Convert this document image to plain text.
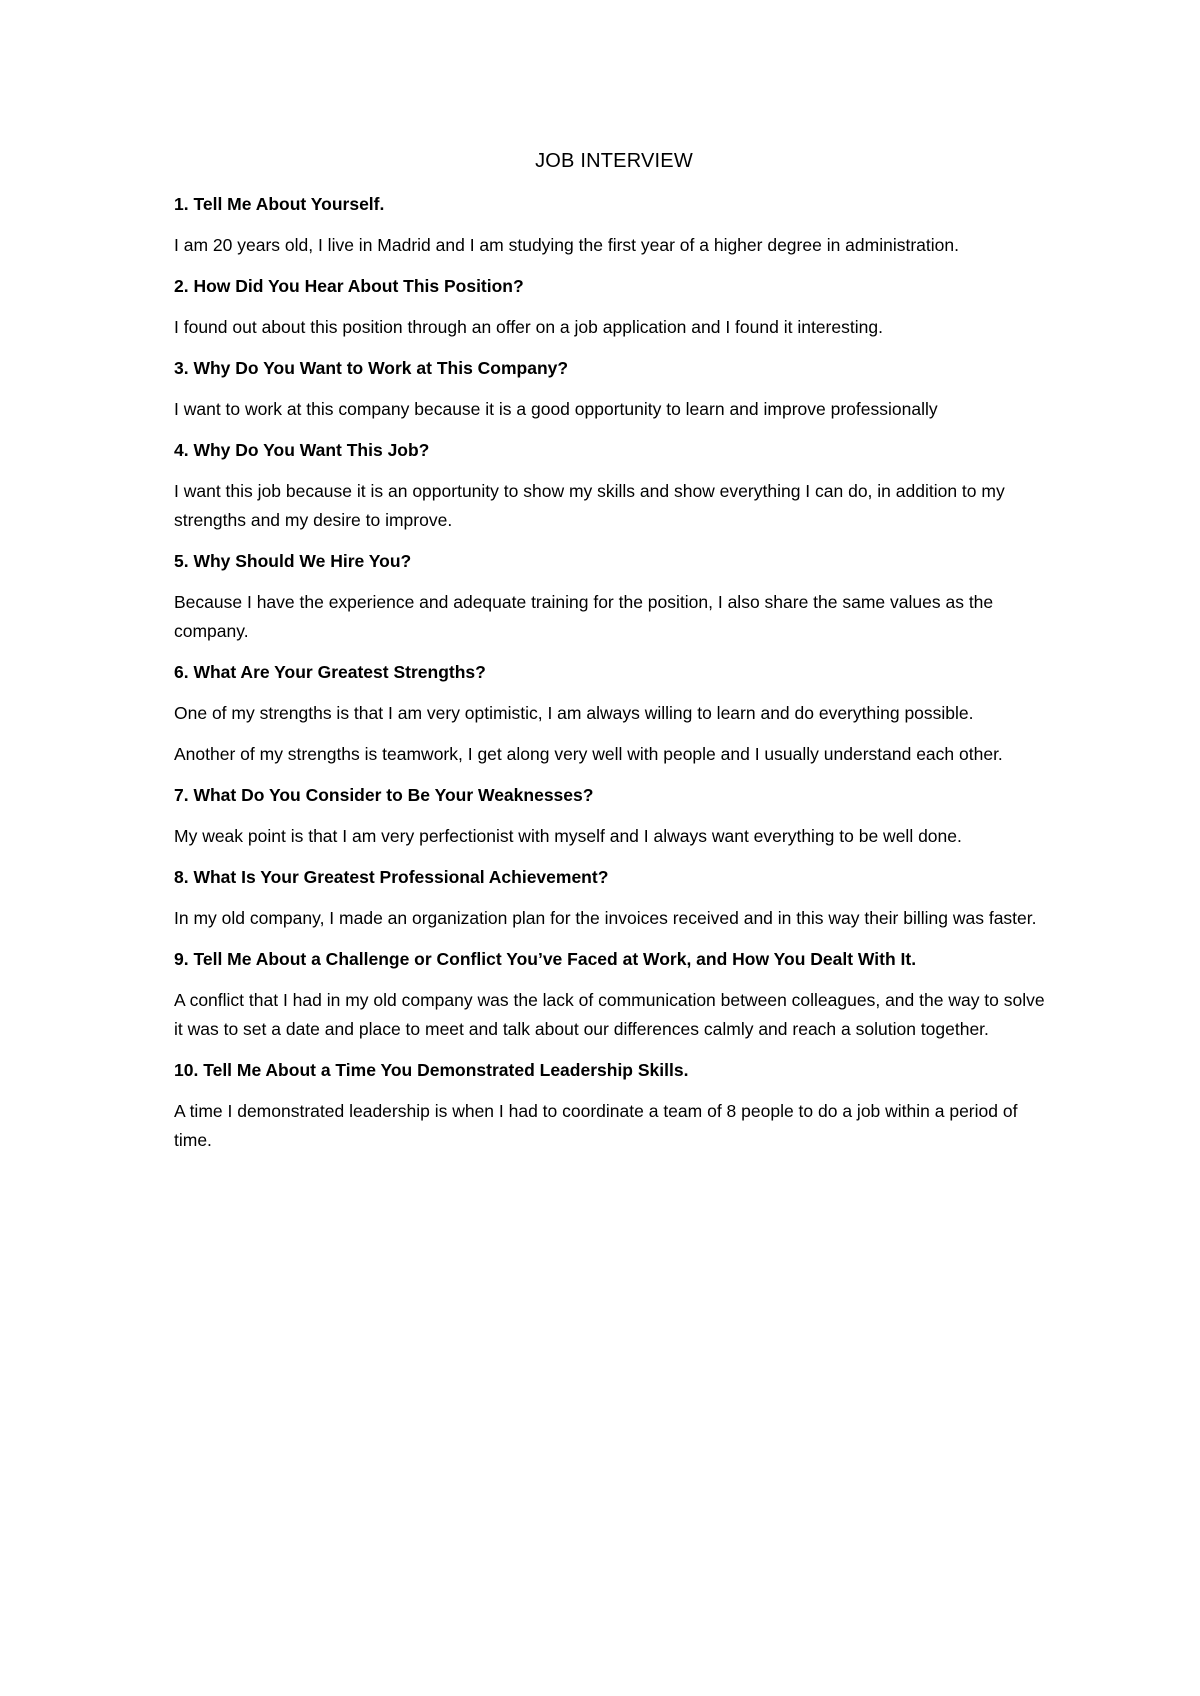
JOB INTERVIEW

1. Tell Me About Yourself.

I am 20 years old, I live in Madrid and I am studying the first year of a higher degree in administration.

2. How Did You Hear About This Position?

I found out about this position through an offer on a job application and I found it interesting.

3. Why Do You Want to Work at This Company?

I want to work at this company because it is a good opportunity to learn and improve professionally

4. Why Do You Want This Job?

I want this job because it is an opportunity to show my skills and show everything I can do, in addition to my strengths and my desire to improve.

5. Why Should We Hire You?

Because I have the experience and adequate training for the position, I also share the same values as the company.

6. What Are Your Greatest Strengths?

One of my strengths is that I am very optimistic, I am always willing to learn and do everything possible.

Another of my strengths is teamwork, I get along very well with people and I usually understand each other.

7. What Do You Consider to Be Your Weaknesses?

My weak point is that I am very perfectionist with myself and I always want everything to be well done.

8. What Is Your Greatest Professional Achievement?

In my old company, I made an organization plan for the invoices received and in this way their billing was faster.

9. Tell Me About a Challenge or Conflict You’ve Faced at Work, and How You Dealt With It.

A conflict that I had in my old company was the lack of communication between colleagues, and the way to solve it was to set a date and place to meet and talk about our differences calmly and reach a solution together.

10. Tell Me About a Time You Demonstrated Leadership Skills.

A time I demonstrated leadership is when I had to coordinate a team of 8 people to do a job within a period of time.
